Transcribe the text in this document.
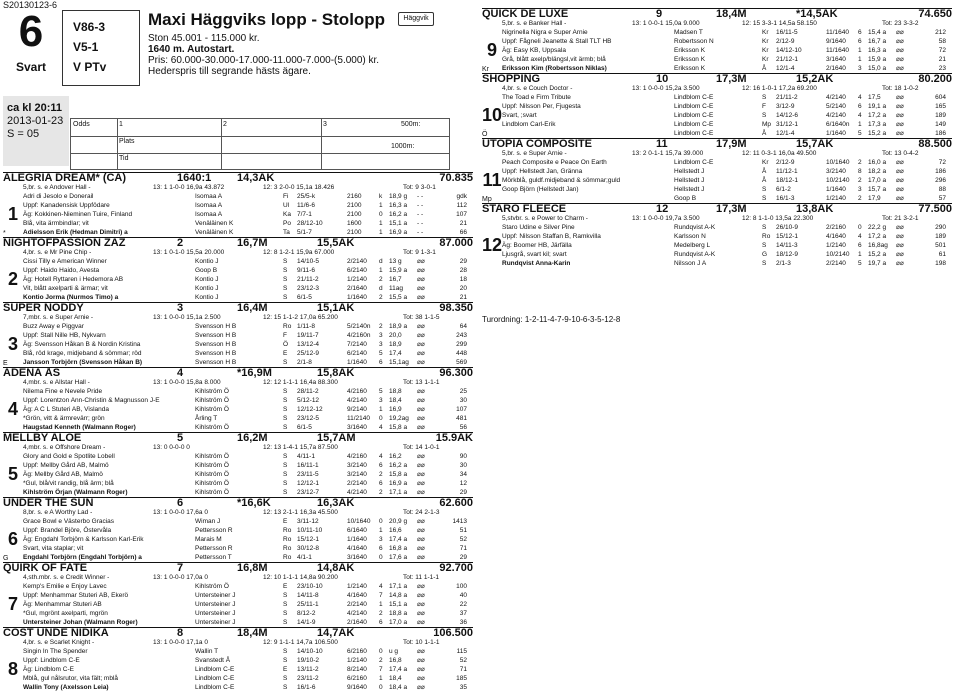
S20130123-6
6
Svart
V86-3
V5-1
V PTv
Maxi Häggviks lopp - Stolopp
Ston 45.001 - 115.000 kr.
1640 m. Autostart.
Pris: 60.000-30.000-17.000-11.000-7.000-(5.000) kr.
Hederspris till segrande hästs ägare.
Häggvik
ca kl 20:11
2013-01-23
S = 05
Odds	1	2	3
Plats
Tid
500m:
1000m:
ALEGRIA DREAM* (CA)	1640:1	14,3AK	70.835
5,br. s. e Andover Hall -	13: 1 1-0-0 16,9a 43.872	12: 3 2-0-0 15,1a 18.426	Tot: 9 3-0-1
1
*
Adri di Jesolo e Donerail
Uppf: Kanadensisk Uppfödare
Äg: Kokkinen-Nieminen Tuire, Finland
Blå, vita ärmbindlar; vit
Adielsson Erik (Hedman Dimitri) a
Isomaa A	Fi	25/5-k	2160	k	18,9 g	- -	gdk
Isomaa A	Ul	11/6-6	2100	1 16,3 a	- -	112
Isomaa A	Ka 7/7-1	2100	0 16,2 a	- -	107
Venäläinen K	Po 28/12-10	1600	1 15,1 a	- -	21
Venäläinen K	Ta	5/1-7	2100	1 16,9 a	- -	66
NIGHTOFPASSION ZAZ	2	16,7M	15,5AK	87.000
4,br. s. e Mr Pine Chip -	13: 1 0-1-0 15,5a 20.000	12: 8 1-2-1 15,9a 67.000	Tot: 9 1-3-1
2
Cissi Tilly e American Winner
Uppf: Haido Haido, Avesta
Äg: Hotell Ryttaren i Hedemora AB
Vit, blått axelparti & ärmar; vit
Kontio Jorma (Nurmos Timo) a
Kontio J	S	14/10-5	2/2140	d 13 g	⌀⌀	29
Goop B	S	9/11-6	6/2140	1 15,9 a	⌀⌀	28
Kontio J	S	21/11-2	1/2140	2 16,7	⌀⌀	18
Kontio J	S	23/12-3	2/1640	d 11ag	⌀⌀	20
Kontio J	S	6/1-5	1/1640	2 15,5 a	⌀⌀	21
SUPER NODDY	3	16,4M	15,1AK	98.350
7,mbr. s. e Super Arnie -	13: 1 0-0-0 15,1a 2.500	12: 15 1-1-2 17,0a 65.200	Tot: 38 1-1-5
3
E
Buzz Away e Piggvar
Uppf: Stall Nille HB, Nykvarn
Äg: Svensson Håkan B & Nordin Kristina
Blå, röd krage, midjeband & sömmar; röd
Jansson Torbjörn (Svensson Håkan B)
Svensson H B	Ro 1/11-8	5/2140n	2 18,9 a	⌀⌀	64
Svensson H B	F	19/11-7	4/2160n	3 20,0	⌀⌀	243
Svensson H B	Ö	13/12-4	7/2140	3 18,9	⌀⌀	299
Svensson H B	E	25/12-9	6/2140	5 17,4	⌀⌀	448
Svensson H B	S	2/1-8	1/1640	6 15,1ag	⌀⌀	569
ADENA ÅS	4	*16,9M	15,8AK	96.300
4,mbr. s. e Allstar Hall -	13: 1 0-0-0 15,8a 8.000	12: 12 1-1-1 16,4a 88.300	Tot: 13 1-1-1
4
Nilema Fine e Nevele Pride
Uppf: Lorentzon Ann-Christin & Magnusson J-E
Äg: A C L Stuteri AB, Vislanda
*Grön, vitt & ärmrevärr; grön
Haugstad Kenneth (Walmann Roger)
Kihlström Ö	S	28/11-2	4/2160	5 18,8	⌀⌀	25
Kihlström Ö	S	5/12-12	4/2140	3 18,4	⌀⌀	30
Kihlström Ö	S	12/12-12	9/2140	1 16,9	⌀⌀	107
Årling T	S	23/12-5	11/2140	0 19,2ag	⌀⌀	481
Kihlström Ö	S	6/1-5	3/1640	4 15,8 a	⌀⌀	56
MELLBY ALOE	5	16,2M	15,7AM	15.9AK
4,mbr. s. e Offshore Dream -	13: 0 0-0-0 0	12: 13 1-4-1 15,7a 87.500	Tot: 14 1-0-1
5
Glory and Gold e Spotlite Lobell
Uppf: Mellby Gård AB, Malmö
Äg: Mellby Gård AB, Malmö
*Gul, blå/vit randig, blå ärm; blå
Kihlström Örjan (Walmann Roger)
Kihlström Ö	S	4/11-1	4/2160	4 16,2	⌀⌀	90
Kihlström Ö	S	16/11-1	3/2140	6 16,2 a	⌀⌀	30
Kihlström Ö	S	23/11-5	3/2140	2 15,8 a	⌀⌀	34
Kihlström Ö	S	12/12-1	2/2140	6 16,9 a	⌀⌀	12
Kihlström Ö	S	23/12-7	4/2140	2 17,1 a	⌀⌀	29
UNDER THE SUN	6	*16,6K	16,3AK	62.600
8,br. s. e A Worthy Lad -	13: 1 0-0-0 17,6a 0	12: 13 2-1-1 16,3a 45.500	Tot: 24 2-1-3
6
G
Grace Bowl e Västerbo Gracias
Uppf: Brandel Björe, Östervåla
Äg: Engdahl Torbjörn & Karlsson Karl-Erik
Svart, vita staplar; vit
Engdahl Torbjörn (Engdahl Torbjörn) a
Wiman J	E	3/11-12	10/1640	0 20,9 g	⌀⌀	1413
Pettersson R	Ro 10/11-10	6/1640	1 16,6	⌀⌀	51
Marais M	Ro 15/12-1	1/1640	3 17,4 a	⌀⌀	52
Pettersson R	Ro 30/12-8	4/1640	6 16,8 a	⌀⌀	71
Pettersson T	Ro 4/1-1	3/1640	0 17,6 a	⌀⌀	29
QUIRK OF FATE	7	16,8M	14,8AK	92.700
4,sth.mbr. s. e Credit Winner -	13: 1 0-0-0 17,0a 0	12: 10 1-1-1 14,8a 90.200	Tot: 11 1-1-1
7
Kemp's Emilie e Enjoy Lavec
Uppf: Menhammar Stuteri AB, Ekerö
Äg: Menhammar Stuteri AB
*Gul, mgrönt axelparti, mgrön
Untersteiner Johan (Walmann Roger)
Kihlström Ö	E	23/10-10	1/2140	4 17,1 a	⌀⌀	100
Untersteiner J	S	14/11-8	4/1640	7 14,8 a	⌀⌀	40
Untersteiner J	S	25/11-1	2/2140	1 15,1 a	⌀⌀	22
Untersteiner J	S	8/12-2	4/2140	2 18,8 a	⌀⌀	37
Untersteiner J	S	14/1-9	2/1640	6 17,0 a	⌀⌀	36
COST UNDE NIDIKA	8	18,4M	14,7AK	106.500
4,br. s. e Scarlet Knight -	13: 1 0-0-0 17,1a 0	12: 9 1-1-1 14,7a 106.500	Tot: 10 1-1-1
8
Singin In The Spender
Uppf: Lindblom C-E
Äg: Lindblom C-E
Mblå, gul nålsrutor, vita fält; mblå
Wallin Tony (Axelsson Leia)
Wallin T	S	14/10-10	6/2160	0 u g	⌀⌀	115
Svanstedt Å	S	19/10-2	1/2140	2 16,8	⌀⌀	52
Lindblom C-E	E	13/11-2	8/2140	7 17,4 a	⌀⌀	71
Lindblom C-E	S	23/11-2	6/2160	1 18,4	⌀⌀	185
Lindblom C-E	S	16/1-6	9/1640	0 18,4 a	⌀⌀	35
QUICK DE LUXE	9	18,4M	*14,5AK	74.650
5,br. s. e Banker Hall -	13: 1 0-0-1 15,0a 9.000	12: 15 3-3-1 14,5a 58.150	Tot: 23 3-3-2
9
Kr
Nigrinella Nigra e Super Arnie
Uppf: Fågneli Jeanette & Stall TLT HB
Äg: Easy KB, Uppsala
Grå, blått axelp/blängsl,vit ärmb; blå
Eriksson Kim (Robertsson Niklas)
Madsen T	Kr	16/11-5	11/1640	6 15,4 a	⌀⌀	212
Robertsson N	Kr	2/12-9	9/1640	6 16,7 a	⌀⌀	58
Eriksson K	Kr	14/12-10	11/1640	1 16,3 a	⌀⌀	72
Eriksson K	Kr	21/12-1	3/1640	1 15,9 a	⌀⌀	21
Eriksson K	Å	12/1-4	2/1640	3 15,0 a	⌀⌀	23
SHOPPING	10	17,3M	15,2AK	80.200
4,br. s. e Couch Doctor -	13: 1 0-0-0 15,2a 3.500	12: 16 1-0-1 17,2a 69.200	Tot: 18 1-0-2
10
Ö
The Toad e Firm Tribute
Uppf: Nilsson Per, Fjugesta
Svart, ;svart
Lindblom Carl-Erik
Lindblom C-E	S	21/11-2	4/2140	4 17,5	⌀⌀	604
Lindblom C-E	F	3/12-9	5/2140	6 19,1 a	⌀⌀	165
Lindblom C-E	S	14/12-6	4/2140	4 17,2 a	⌀⌀	189
Lindblom C-E	Mp 31/12-1	6/1640n	1 17,3 a	⌀⌀	149
Lindblom C-E	Å	12/1-4	1/1640	5 15,2 a	⌀⌀	186
UTOPIA COMPOSITE	11	17,9M	15,7AK	88.500
5,br. s. e Super Arnie -	13: 2 0-1-1 15,7a 39.000	12: 11 0-3-1 16,0a 49.500	Tot: 13 0-4-2
11
Mp
Peach Composite e Peace On Earth
Uppf: Hellstedt Jan, Gränna
Mörkblå, guldf.midjeband & sömmar;guld
Goop Björn (Hellstedt Jan)
Lindblom C-E	Kr	2/12-9	10/1640	2 16,0 a	⌀⌀	72
Hellstedt J	Å	11/12-1	3/2140	8 18,2 a	⌀⌀	186
Hellstedt J	Å	18/12-1	10/2140	2 17,0 a	⌀⌀	296
Hellstedt J	S	6/1-2	1/1640	3 15,7 a	⌀⌀	88
Goop B	S	16/1-3	1/2140	2 17,9	⌀⌀	57
STARO FLEECE	12	17,3M	13,8AK	77.500
5,stvbr. s. e Power to Charm -	13: 1 0-0-0 19,7a 3.500	12: 8 1-1-0 13,5a 22.300	Tot: 21 3-2-1
12
Staro Udine e Silver Pine
Uppf: Nilsson Staffan B, Ramkvilla
Äg: Boomer HB, Järfälla
Ljusgrå, svart kil; svart
Rundqvist Anna-Karin
Rundqvist A-K	S	26/10-9	2/2160	0 22,2 g	⌀⌀	290
Karlsson N	Ro 15/12-1	4/1640	4 17,2 a	⌀⌀	189
Medelberg L	S	14/11-3	1/2140	6 16,8ag	⌀⌀	501
Rundqvist A-K	G	18/12-9	10/2140	1 15,2 a	⌀⌀	61
Nilsson J A	S	2/1-3	2/2140	5 19,7 a	⌀⌀	198
Turordning: 1-2-11-4-7-9-10-6-3-5-12-8
